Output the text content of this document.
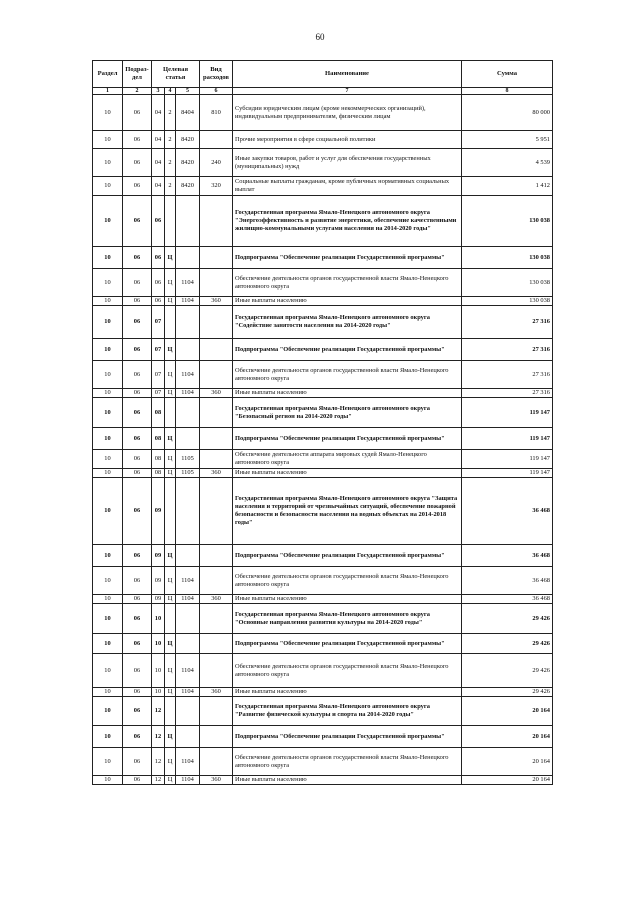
60
Раздел	Подраз-дел	Целевая статья			Вид расходов	Наименование	Сумма
1	2	3	4	5	6	7	8
10	06	04	2	8404	810	Субсидии юридическим лицам (кроме некоммерческих организаций), индивидуальным предпринимателям, физическим лицам	80 000
10	06	04	2	8420		Прочие мероприятия в сфере социальной политики	5 951
10	06	04	2	8420	240	Иные закупки товаров, работ и услуг для обеспечения государственных (муниципальных) нужд	4 539
10	06	04	2	8420	320	Социальные выплаты гражданам, кроме публичных нормативных социальных выплат	1 412
10	06	06				Государственная программа Ямало-Ненецкого автономного округа "Энергоэффективность и развитие энергетики, обеспечение качественными жилищно-коммунальными услугами населения на 2014-2020 годы"	130 038
10	06	06	Ц			Подпрограмма "Обеспечение реализации Государственной программы"	130 038
10	06	06	Ц	1104		Обеспечение деятельности органов государственной власти Ямало-Ненецкого автономного округа	130 038
10	06	06	Ц	1104	360	Иные выплаты населению	130 038
10	06	07				Государственная программа Ямало-Ненецкого автономного округа "Содействие занятости населения на 2014-2020 годы"	27 316
10	06	07	Ц			Подпрограмма "Обеспечение реализации Государственной программы"	27 316
10	06	07	Ц	1104		Обеспечение деятельности органов государственной власти Ямало-Ненецкого автономного округа	27 316
10	06	07	Ц	1104	360	Иные выплаты населению	27 316
10	06	08				Государственная программа Ямало-Ненецкого автономного округа "Безопасный регион на 2014-2020 годы"	119 147
10	06	08	Ц			Подпрограмма "Обеспечение реализации Государственной программы"	119 147
10	06	08	Ц	1105		Обеспечение деятельности аппарата мировых судей Ямало-Ненецкого автономного округа	119 147
10	06	08	Ц	1105	360	Иные выплаты населению	119 147
10	06	09				Государственная программа Ямало-Ненецкого автономного округа "Защита населения и территорий от чрезвычайных ситуаций, обеспечение пожарной безопасности и безопасности населения на водных объектах на 2014-2018 годы"	36 468
10	06	09	Ц			Подпрограмма "Обеспечение реализации Государственной программы"	36 468
10	06	09	Ц	1104		Обеспечение деятельности органов государственной власти Ямало-Ненецкого автономного округа	36 468
10	06	09	Ц	1104	360	Иные выплаты населению	36 468
10	06	10				Государственная программа Ямало-Ненецкого автономного округа "Основные направления развития культуры на 2014-2020 годы"	29 426
10	06	10	Ц			Подпрограмма "Обеспечение реализации Государственной программы"	29 426
10	06	10	Ц	1104		Обеспечение деятельности органов государственной власти Ямало-Ненецкого автономного округа	29 426
10	06	10	Ц	1104	360	Иные выплаты населению	29 426
10	06	12				Государственная программа Ямало-Ненецкого автономного округа "Развитие физической культуры и спорта на 2014-2020 годы"	20 164
10	06	12	Ц			Подпрограмма "Обеспечение реализации Государственной программы"	20 164
10	06	12	Ц	1104		Обеспечение деятельности органов государственной власти Ямало-Ненецкого автономного округа	20 164
10	06	12	Ц	1104	360	Иные выплаты населению	20 164
